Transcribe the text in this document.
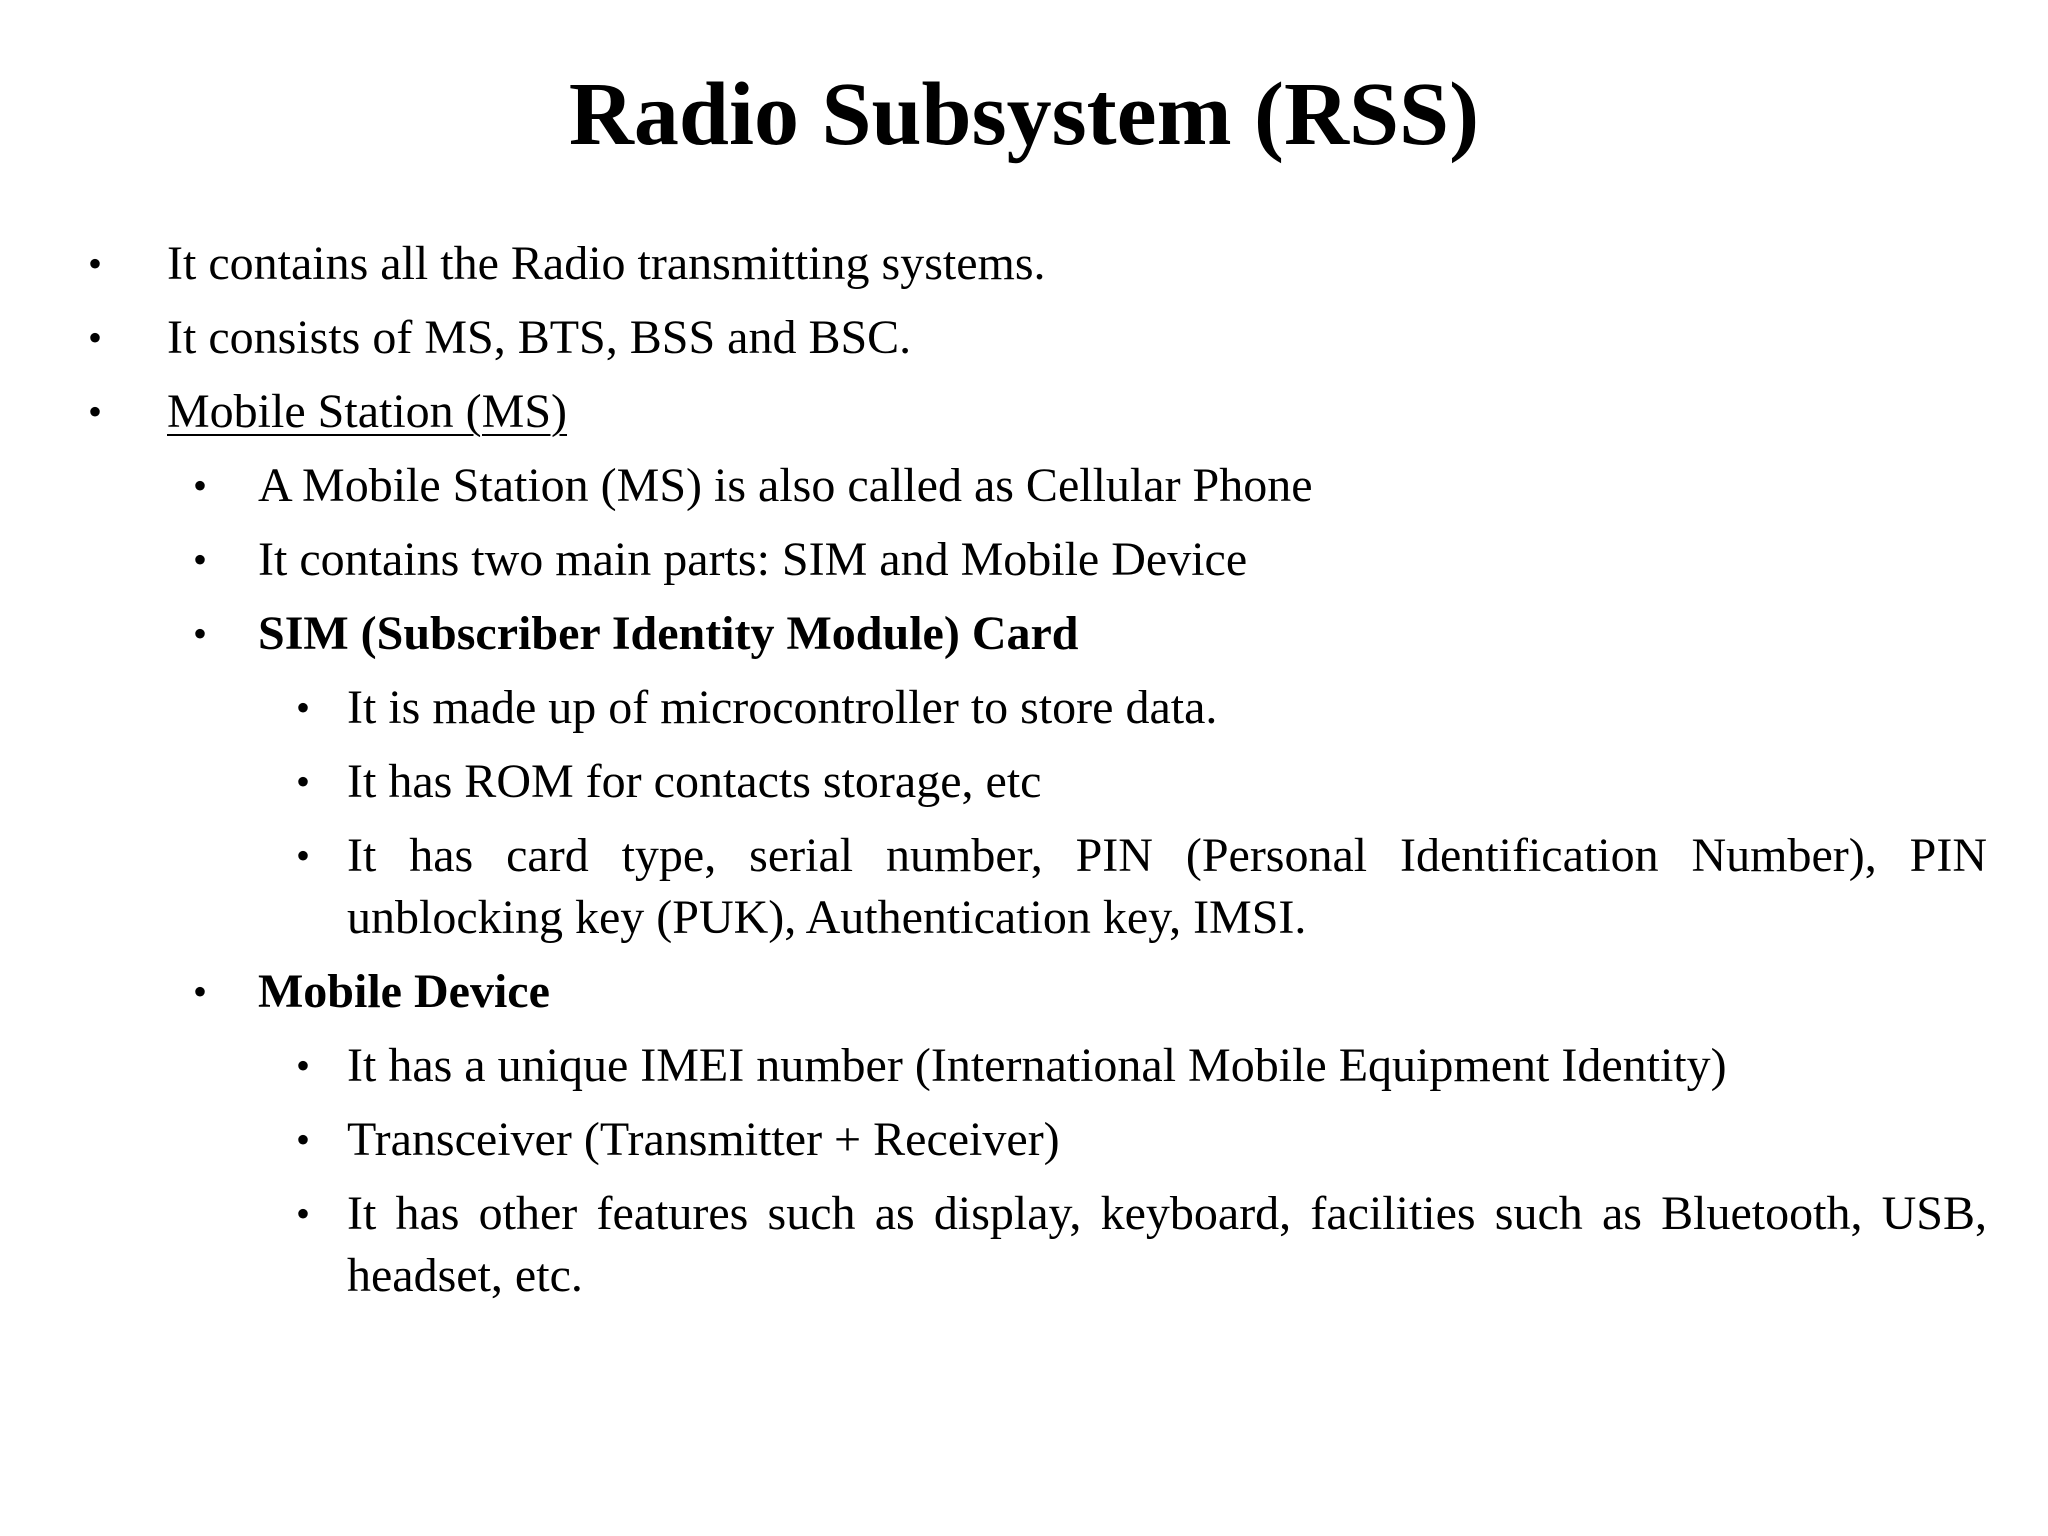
Radio Subsystem (RSS)
• It contains all the Radio transmitting systems.
• It consists of MS, BTS, BSS and BSC.
• Mobile Station (MS)
• A Mobile Station (MS) is also called as Cellular Phone
• It contains two main parts: SIM and Mobile Device
• SIM (Subscriber Identity Module) Card
• It is made up of microcontroller to store data.
• It has ROM for contacts storage, etc
• It has card type, serial number, PIN (Personal Identification Number), PIN unblocking key (PUK), Authentication key, IMSI.
• Mobile Device
• It has a unique IMEI number (International Mobile Equipment Identity)
• Transceiver (Transmitter + Receiver)
• It has other features such as display, keyboard, facilities such as Bluetooth, USB, headset, etc.
